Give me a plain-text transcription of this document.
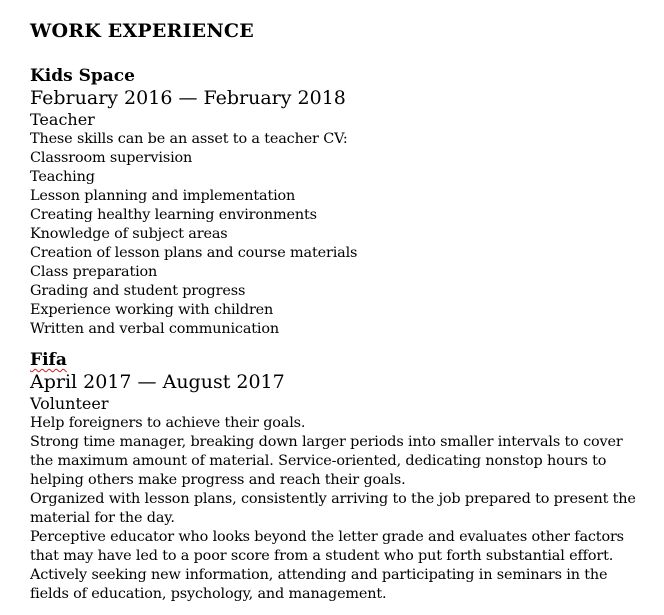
WORK EXPERIENCE

Kids Space

February 2016 — February 2018

Teacher

These skills can be an asset to a teacher CV:

Classroom supervision

Teaching

Lesson planning and implementation

Creating healthy learning environments

Knowledge of subject areas

Creation of lesson plans and course materials

Class preparation

Grading and student progress

Experience working with children

Written and verbal communication

Fifa

April 2017 — August 2017

Volunteer

Help foreigners to achieve their goals.

Strong time manager, breaking down larger periods into smaller intervals to cover

the maximum amount of material. Service-oriented, dedicating nonstop hours to

helping others make progress and reach their goals.

Organized with lesson plans, consistently arriving to the job prepared to present the

material for the day.

Perceptive educator who looks beyond the letter grade and evaluates other factors

that may have led to a poor score from a student who put forth substantial effort.

Actively seeking new information, attending and participating in seminars in the

fields of education, psychology, and management.
